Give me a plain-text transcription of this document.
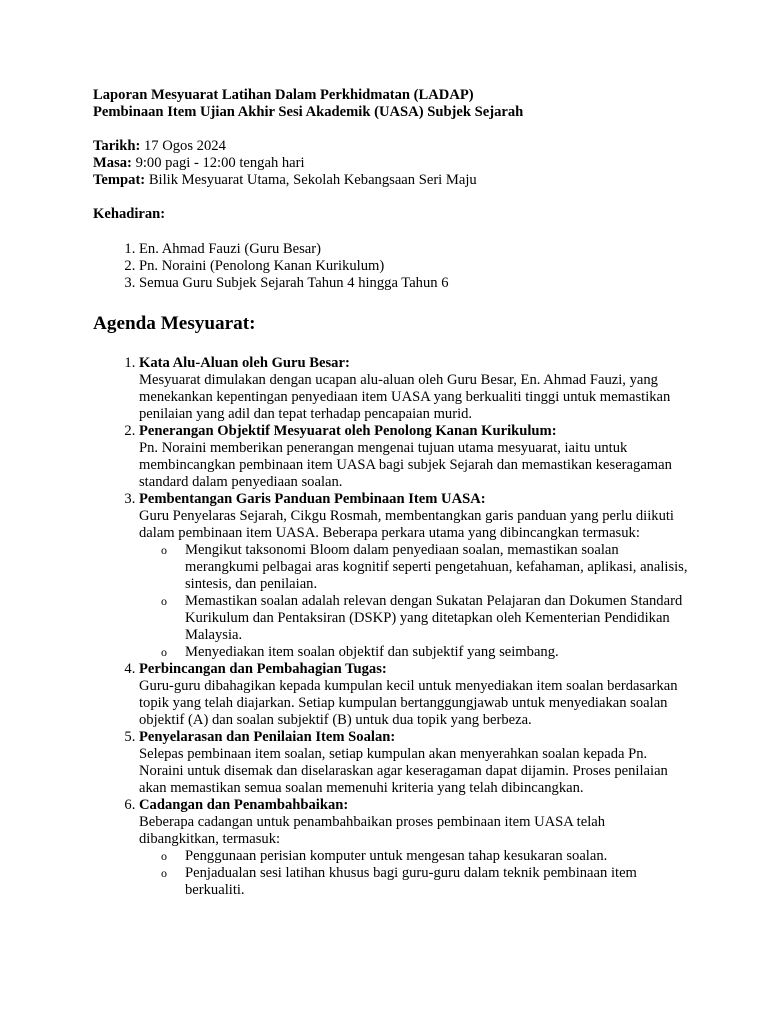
Laporan Mesyuarat Latihan Dalam Perkhidmatan (LADAP)

Pembinaan Item Ujian Akhir Sesi Akademik (UASA) Subjek Sejarah

Tarikh: 17 Ogos 2024

Masa: 9:00 pagi - 12:00 tengah hari

Tempat: Bilik Mesyuarat Utama, Sekolah Kebangsaan Seri Maju

Kehadiran:

1. En. Ahmad Fauzi (Guru Besar)
2. Pn. Noraini (Penolong Kanan Kurikulum)
3. Semua Guru Subjek Sejarah Tahun 4 hingga Tahun 6
Agenda Mesyuarat:
1. Kata Alu-Aluan oleh Guru Besar:
Mesyuarat dimulakan dengan ucapan alu-aluan oleh Guru Besar, En. Ahmad Fauzi, yang menekankan kepentingan penyediaan item UASA yang berkualiti tinggi untuk memastikan penilaian yang adil dan tepat terhadap pencapaian murid.
2. Penerangan Objektif Mesyuarat oleh Penolong Kanan Kurikulum:
Pn. Noraini memberikan penerangan mengenai tujuan utama mesyuarat, iaitu untuk membincangkan pembinaan item UASA bagi subjek Sejarah dan memastikan keseragaman standard dalam penyediaan soalan.
3. Pembentangan Garis Panduan Pembinaan Item UASA:
Guru Penyelaras Sejarah, Cikgu Rosmah, membentangkan garis panduan yang perlu diikuti dalam pembinaan item UASA. Beberapa perkara utama yang dibincangkan termasuk:
o Mengikut taksonomi Bloom dalam penyediaan soalan, memastikan soalan merangkumi pelbagai aras kognitif seperti pengetahuan, kefahaman, aplikasi, analisis, sintesis, dan penilaian.
o Memastikan soalan adalah relevan dengan Sukatan Pelajaran dan Dokumen Standard Kurikulum dan Pentaksiran (DSKP) yang ditetapkan oleh Kementerian Pendidikan Malaysia.
o Menyediakan item soalan objektif dan subjektif yang seimbang.
4. Perbincangan dan Pembahagian Tugas:
Guru-guru dibahagikan kepada kumpulan kecil untuk menyediakan item soalan berdasarkan topik yang telah diajarkan. Setiap kumpulan bertanggungjawab untuk menyediakan soalan objektif (A) dan soalan subjektif (B) untuk dua topik yang berbeza.
5. Penyelarasan dan Penilaian Item Soalan:
Selepas pembinaan item soalan, setiap kumpulan akan menyerahkan soalan kepada Pn. Noraini untuk disemak dan diselaraskan agar keseragaman dapat dijamin. Proses penilaian akan memastikan semua soalan memenuhi kriteria yang telah dibincangkan.
6. Cadangan dan Penambahbaikan:
Beberapa cadangan untuk penambahbaikan proses pembinaan item UASA telah dibangkitkan, termasuk:
o Penggunaan perisian komputer untuk mengesan tahap kesukaran soalan.
o Penjadualan sesi latihan khusus bagi guru-guru dalam teknik pembinaan item berkualiti.
